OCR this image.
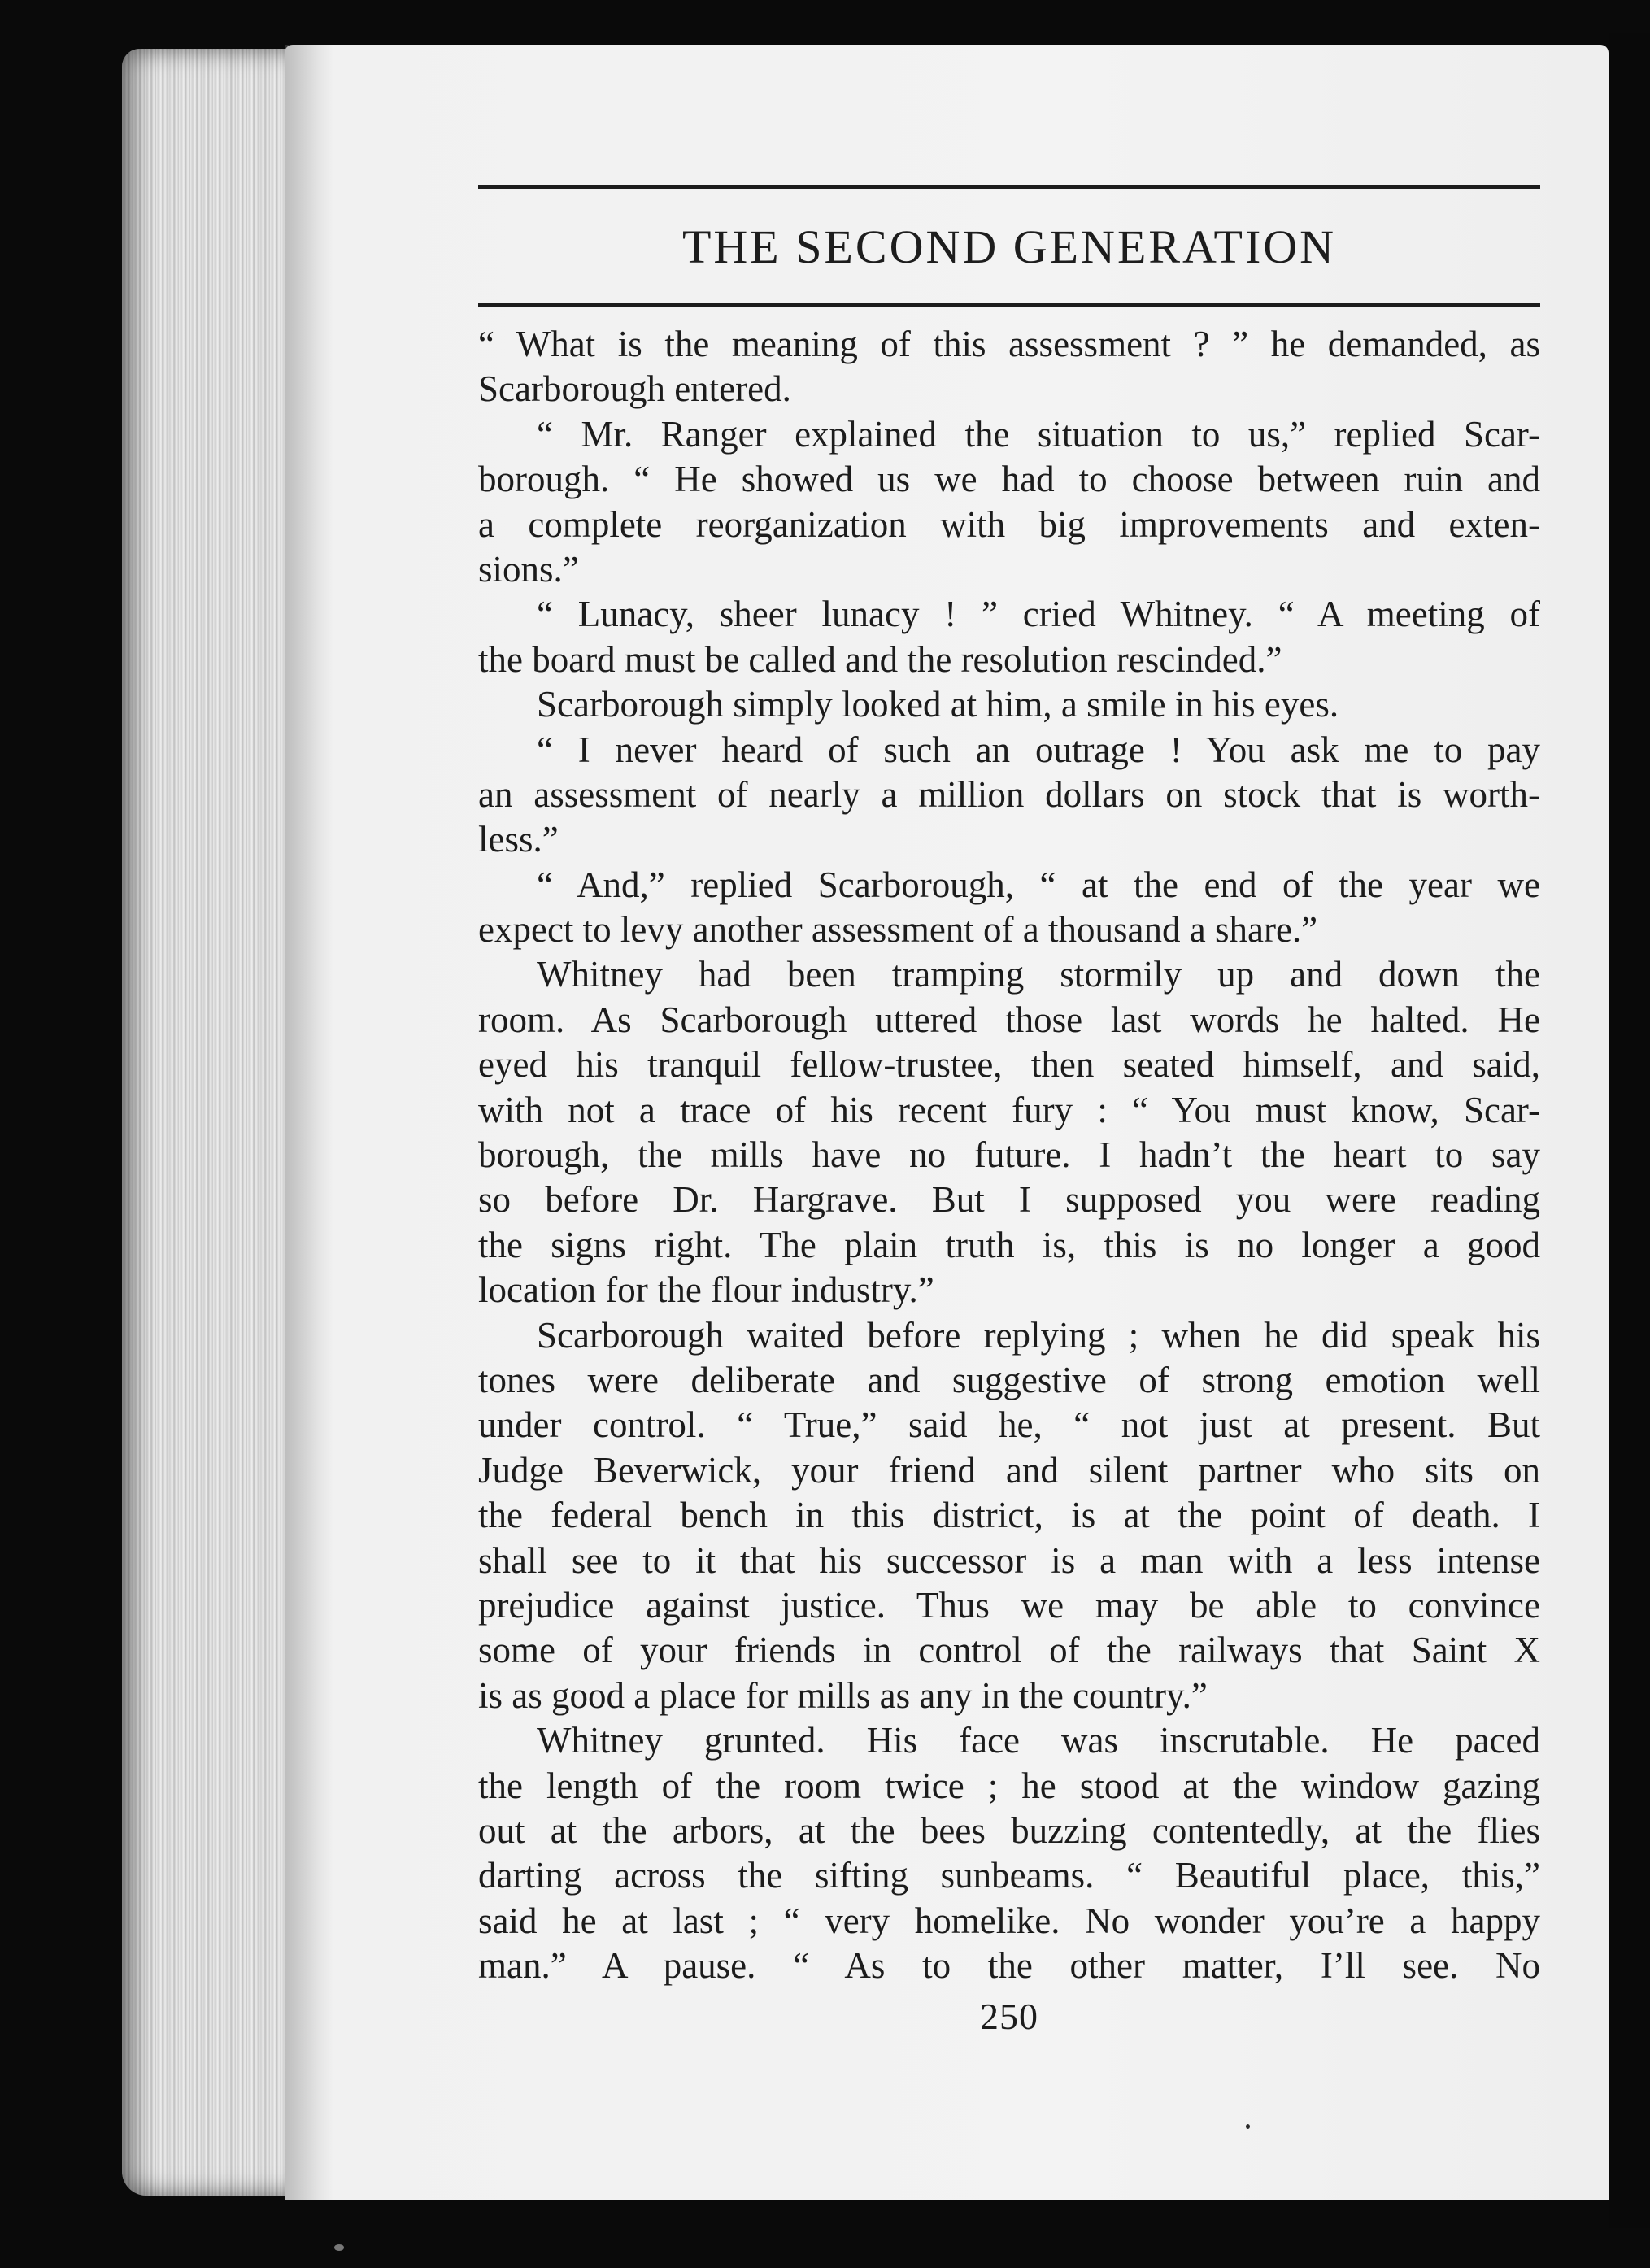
THE SECOND GENERATION
“ What is the meaning of this assessment ? ” he demanded, as
Scarborough entered.
“ Mr. Ranger explained the situation to us,” replied Scar-
borough. “ He showed us we had to choose between ruin and
a complete reorganization with big improvements and exten-
sions.”
“ Lunacy, sheer lunacy ! ” cried Whitney. “ A meeting of
the board must be called and the resolution rescinded.”
Scarborough simply looked at him, a smile in his eyes.
“ I never heard of such an outrage ! You ask me to pay
an assessment of nearly a million dollars on stock that is worth-
less.”
“ And,” replied Scarborough, “ at the end of the year we
expect to levy another assessment of a thousand a share.”
Whitney had been tramping stormily up and down the
room. As Scarborough uttered those last words he halted. He
eyed his tranquil fellow-trustee, then seated himself, and said,
with not a trace of his recent fury : “ You must know, Scar-
borough, the mills have no future. I hadn’t the heart to say
so before Dr. Hargrave. But I supposed you were reading
the signs right. The plain truth is, this is no longer a good
location for the flour industry.”
Scarborough waited before replying ; when he did speak his
tones were deliberate and suggestive of strong emotion well
under control. “ True,” said he, “ not just at present. But
Judge Beverwick, your friend and silent partner who sits on
the federal bench in this district, is at the point of death. I
shall see to it that his successor is a man with a less intense
prejudice against justice. Thus we may be able to convince
some of your friends in control of the railways that Saint X
is as good a place for mills as any in the country.”
Whitney grunted. His face was inscrutable. He paced
the length of the room twice ; he stood at the window gazing
out at the arbors, at the bees buzzing contentedly, at the flies
darting across the sifting sunbeams. “ Beautiful place, this,”
said he at last ; “ very homelike. No wonder you’re a happy
man.” A pause. “ As to the other matter, I’ll see. No
250
